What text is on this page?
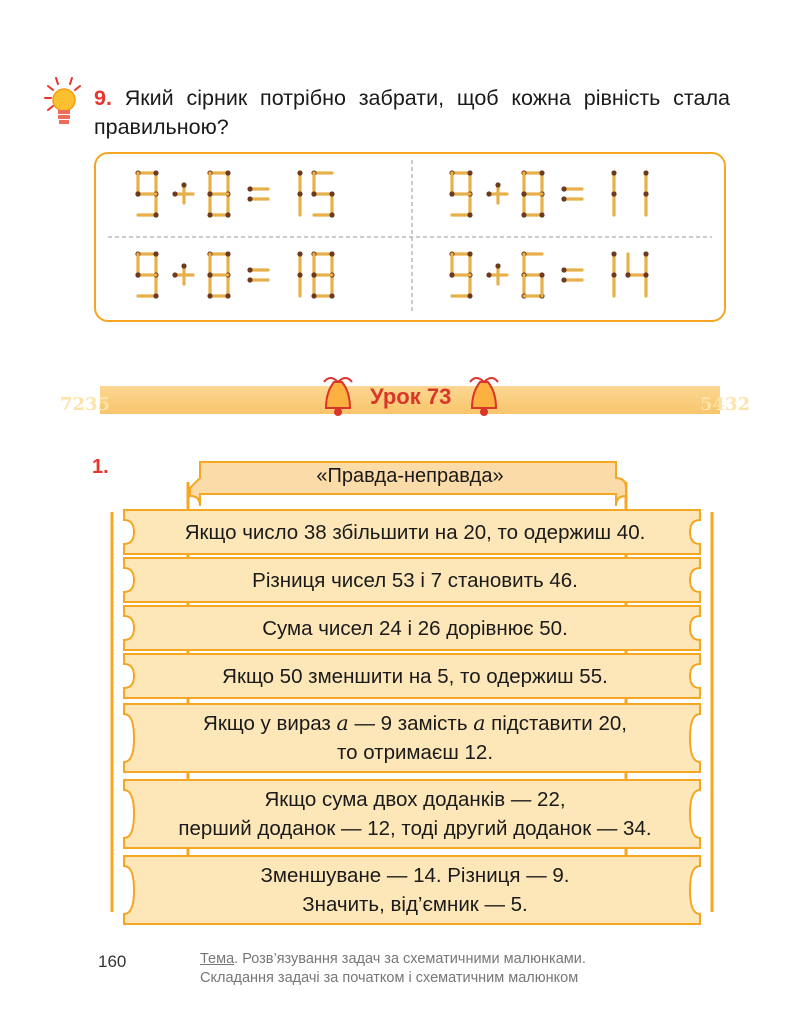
9. Який сірник потрібно забрати, щоб кожна рівність стала правильною?
7235	5432
Урок 73
1.	«Правда-неправда»
Якщо число 38 збільшити на 20, то одержиш 40.
Різниця чисел 53 і 7 становить 46.
Сума чисел 24 і 26 дорівнює 50.
Якщо 50 зменшити на 5, то одержиш 55.
Якщо у вираз а — 9 замість а підставити 20,
то отримаєш 12.
Якщо сума двох доданків — 22,
перший доданок — 12, тоді другий доданок — 34.
Зменшуване — 14. Різниця — 9.
Значить, від’ємник — 5.
160	Тема. Розв’язування задач за схематичними малюнками.
Складання задачі за початком і схематичним малюнком
